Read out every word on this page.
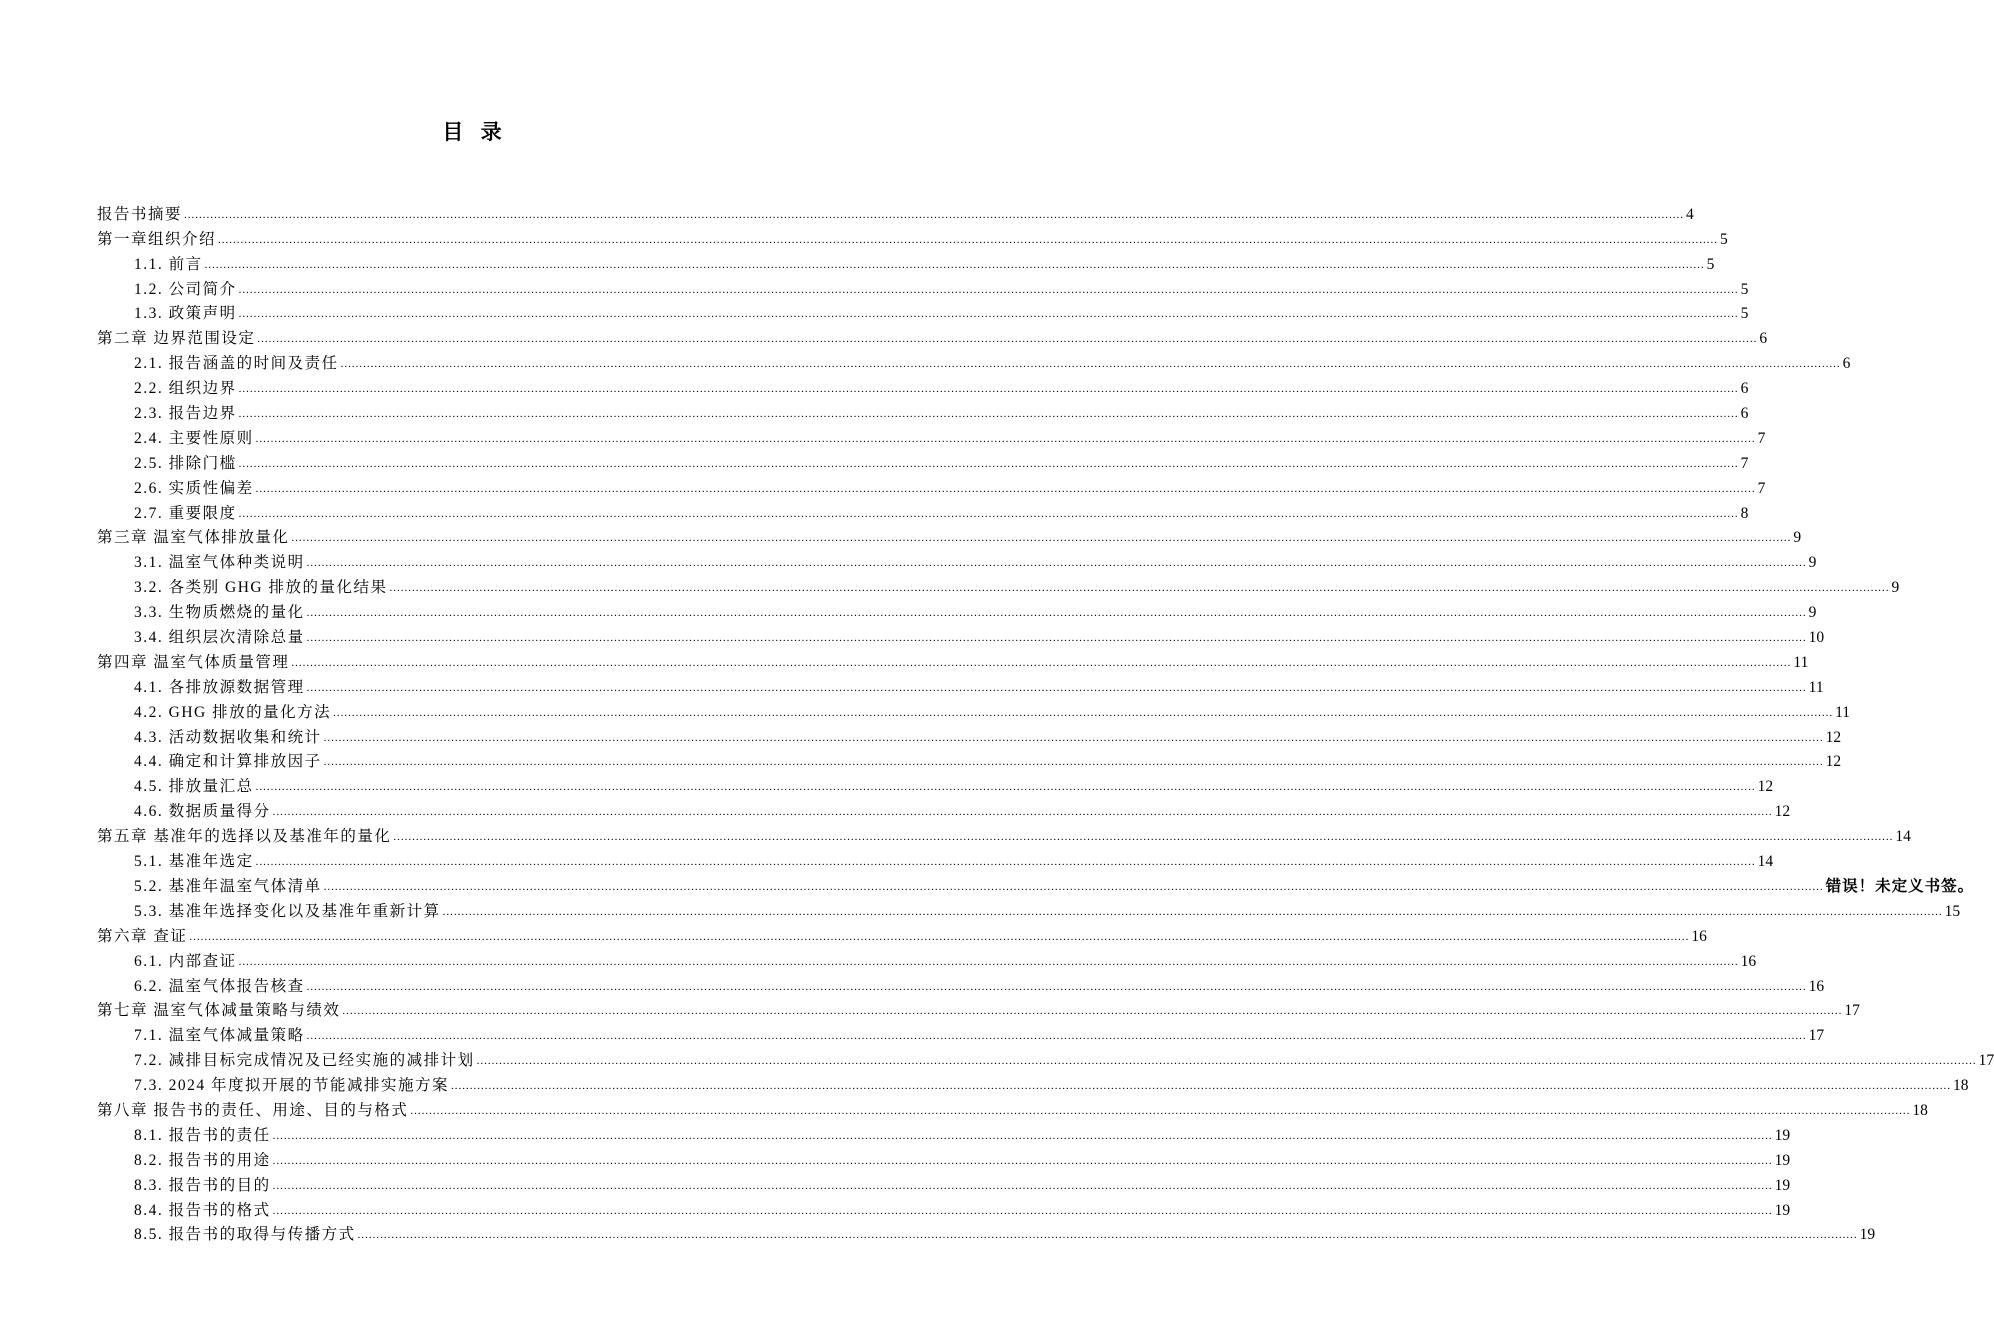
目 录
报告书摘要 ................................................................................................................................................................................................................................................................................................................................................................................................................ 4
第一章组织介绍 ................................................................................................................................................................................................................................................................................................................................................................................................................ 5
1.1. 前言 ................................................................................................................................................................................................................................................................................................................................................................................................................ 5
1.2. 公司简介 ................................................................................................................................................................................................................................................................................................................................................................................................................ 5
1.3. 政策声明 ................................................................................................................................................................................................................................................................................................................................................................................................................ 5
第二章 边界范围设定 ................................................................................................................................................................................................................................................................................................................................................................................................................ 6
2.1. 报告涵盖的时间及责任 ................................................................................................................................................................................................................................................................................................................................................................................................................ 6
2.2. 组织边界 ................................................................................................................................................................................................................................................................................................................................................................................................................ 6
2.3. 报告边界 ................................................................................................................................................................................................................................................................................................................................................................................................................ 6
2.4. 主要性原则 ................................................................................................................................................................................................................................................................................................................................................................................................................ 7
2.5. 排除门槛 ................................................................................................................................................................................................................................................................................................................................................................................................................ 7
2.6. 实质性偏差 ................................................................................................................................................................................................................................................................................................................................................................................................................ 7
2.7. 重要限度 ................................................................................................................................................................................................................................................................................................................................................................................................................ 8
第三章 温室气体排放量化 ................................................................................................................................................................................................................................................................................................................................................................................................................ 9
3.1. 温室气体种类说明 ................................................................................................................................................................................................................................................................................................................................................................................................................ 9
3.2. 各类别 GHG 排放的量化结果 ................................................................................................................................................................................................................................................................................................................................................................................................................ 9
3.3. 生物质燃烧的量化 ................................................................................................................................................................................................................................................................................................................................................................................................................ 9
3.4. 组织层次清除总量 ................................................................................................................................................................................................................................................................................................................................................................................................................ 10
第四章 温室气体质量管理 ................................................................................................................................................................................................................................................................................................................................................................................................................ 11
4.1. 各排放源数据管理 ................................................................................................................................................................................................................................................................................................................................................................................................................ 11
4.2. GHG 排放的量化方法 ................................................................................................................................................................................................................................................................................................................................................................................................................ 11
4.3. 活动数据收集和统计 ................................................................................................................................................................................................................................................................................................................................................................................................................ 12
4.4. 确定和计算排放因子 ................................................................................................................................................................................................................................................................................................................................................................................................................ 12
4.5. 排放量汇总 ................................................................................................................................................................................................................................................................................................................................................................................................................ 12
4.6. 数据质量得分 ................................................................................................................................................................................................................................................................................................................................................................................................................ 12
第五章 基准年的选择以及基准年的量化 ................................................................................................................................................................................................................................................................................................................................................................................................................ 14
5.1. 基准年选定 ................................................................................................................................................................................................................................................................................................................................................................................................................ 14
5.2. 基准年温室气体清单 ................................................................................................................................................................................................................................................................................................................................................................................................................ 错误！未定义书签。
5.3. 基准年选择变化以及基准年重新计算 ................................................................................................................................................................................................................................................................................................................................................................................................................ 15
第六章 查证 ................................................................................................................................................................................................................................................................................................................................................................................................................ 16
6.1. 内部查证 ................................................................................................................................................................................................................................................................................................................................................................................................................ 16
6.2. 温室气体报告核查 ................................................................................................................................................................................................................................................................................................................................................................................................................ 16
第七章 温室气体减量策略与绩效 ................................................................................................................................................................................................................................................................................................................................................................................................................ 17
7.1. 温室气体减量策略 ................................................................................................................................................................................................................................................................................................................................................................................................................ 17
7.2. 减排目标完成情况及已经实施的减排计划 ................................................................................................................................................................................................................................................................................................................................................................................................................ 17
7.3. 2024 年度拟开展的节能减排实施方案 ................................................................................................................................................................................................................................................................................................................................................................................................................ 18
第八章 报告书的责任、用途、目的与格式 ................................................................................................................................................................................................................................................................................................................................................................................................................ 18
8.1. 报告书的责任 ................................................................................................................................................................................................................................................................................................................................................................................................................ 19
8.2. 报告书的用途 ................................................................................................................................................................................................................................................................................................................................................................................................................ 19
8.3. 报告书的目的 ................................................................................................................................................................................................................................................................................................................................................................................................................ 19
8.4. 报告书的格式 ................................................................................................................................................................................................................................................................................................................................................................................................................ 19
8.5. 报告书的取得与传播方式 ................................................................................................................................................................................................................................................................................................................................................................................................................ 19
